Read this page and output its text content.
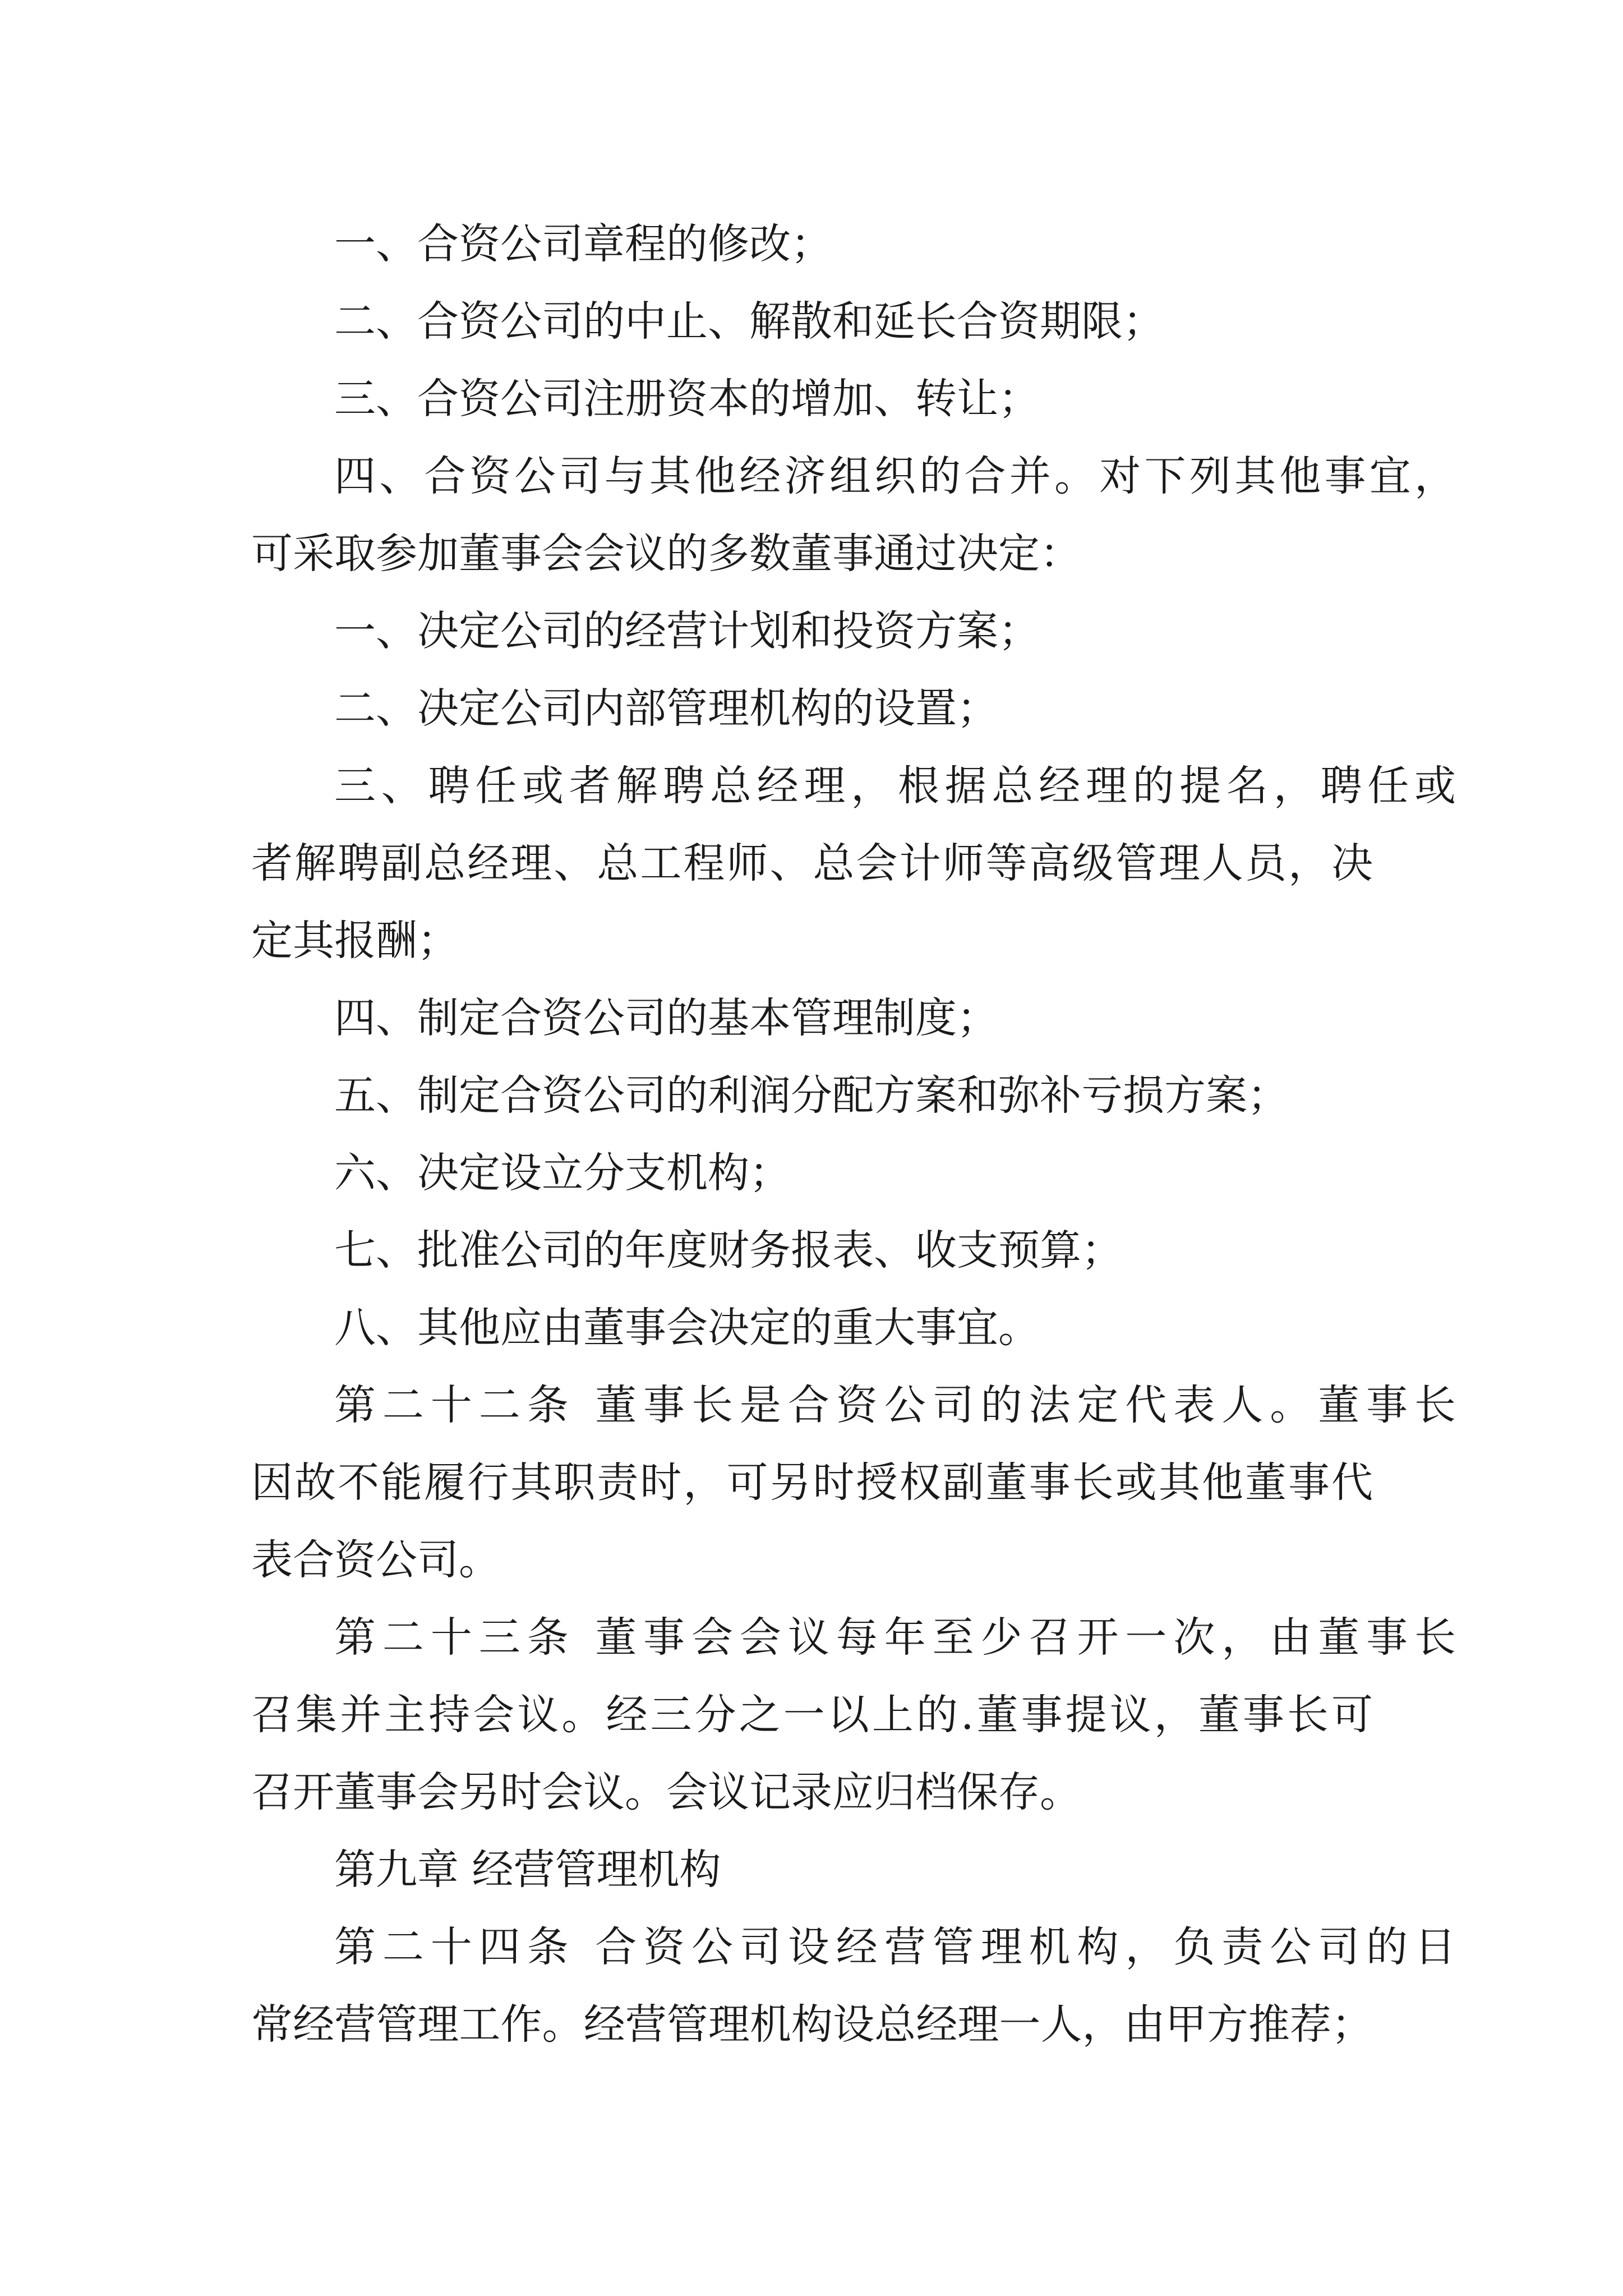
一、合资公司章程的修改；
二、合资公司的中止、解散和延长合资期限；
三、合资公司注册资本的增加、转让；
四、合资公司与其他经济组织的合并。对下列其他事宜，
可采取参加董事会会议的多数董事通过决定：
一、决定公司的经营计划和投资方案；
二、决定公司内部管理机构的设置；
三、聘任或者解聘总经理，根据总经理的提名，聘任或
者解聘副总经理、总工程师、总会计师等高级管理人员，决
定其报酬；
四、制定合资公司的基本管理制度；
五、制定合资公司的利润分配方案和弥补亏损方案；
六、决定设立分支机构；
七、批准公司的年度财务报表、收支预算；
八、其他应由董事会决定的重大事宜。
第二十二条 董事长是合资公司的法定代表人。董事长
因故不能履行其职责时，可另时授权副董事长或其他董事代
表合资公司。
第二十三条 董事会会议每年至少召开一次，由董事长
召集并主持会议。经三分之一以上的.董事提议，董事长可
召开董事会另时会议。会议记录应归档保存。
第九章 经营管理机构
第二十四条 合资公司设经营管理机构，负责公司的日
常经营管理工作。经营管理机构设总经理一人，由甲方推荐；
